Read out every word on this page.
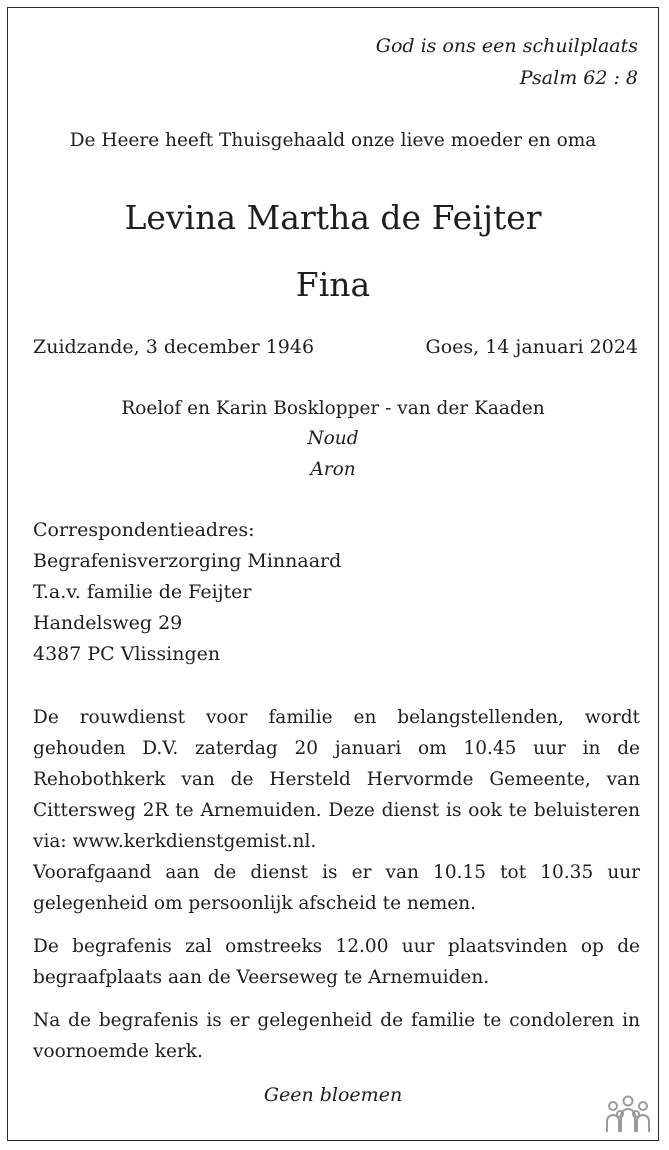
God is ons een schuilplaats
Psalm 62 : 8
De Heere heeft Thuisgehaald onze lieve moeder en oma
Levina Martha de Feijter
Fina
Zuidzande, 3 december 1946	Goes, 14 januari 2024
Roelof en Karin Bosklopper - van der Kaaden
Noud
Aron
Correspondentieadres:
Begrafenisverzorging Minnaard
T.a.v. familie de Feijter
Handelsweg 29
4387 PC Vlissingen
De rouwdienst voor familie en belangstellenden, wordt gehouden D.V. zaterdag 20 januari om 10.45 uur in de Rehobothkerk van de Hersteld Hervormde Gemeente, van Cittersweg 2R te Arnemuiden. Deze dienst is ook te beluisteren via: www.kerkdienstgemist.nl.
Voorafgaand aan de dienst is er van 10.15 tot 10.35 uur gelegenheid om persoonlijk afscheid te nemen.
De begrafenis zal omstreeks 12.00 uur plaatsvinden op de begraafplaats aan de Veerseweg te Arnemuiden.
Na de begrafenis is er gelegenheid de familie te condoleren in voornoemde kerk.
Geen bloemen
